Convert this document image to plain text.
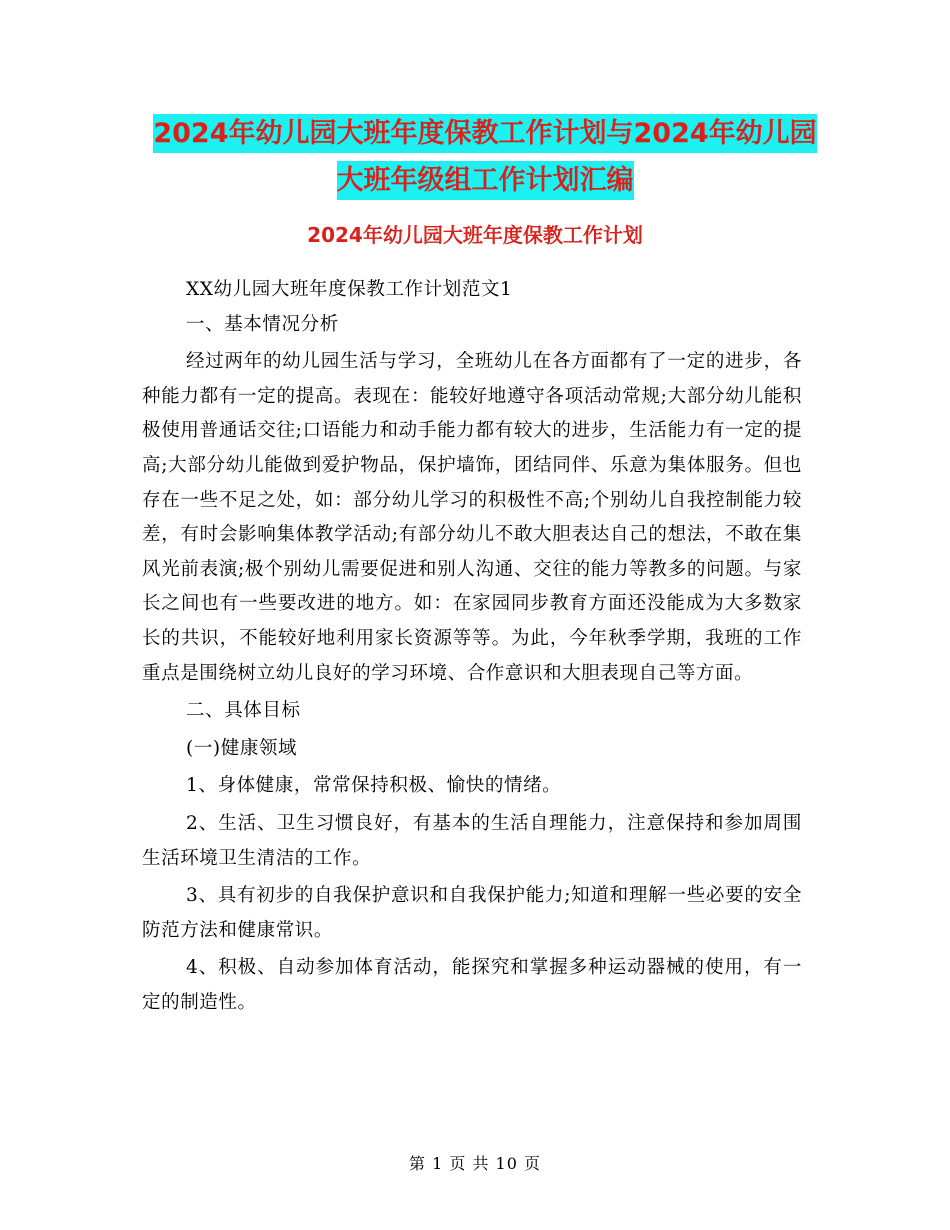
2024年幼儿园大班年度保教工作计划与2024年幼儿园大班年级组工作计划汇编
2024年幼儿园大班年度保教工作计划

XX幼儿园大班年度保教工作计划范文1

一、基本情况分析

经过两年的幼儿园生活与学习，全班幼儿在各方面都有了一定的进步，各种能力都有一定的提高。表现在：能较好地遵守各项活动常规;大部分幼儿能积极使用普通话交往;口语能力和动手能力都有较大的进步，生活能力有一定的提高;大部分幼儿能做到爱护物品，保护墙饰，团结同伴、乐意为集体服务。但也存在一些不足之处，如：部分幼儿学习的积极性不高;个别幼儿自我控制能力较差，有时会影响集体教学活动;有部分幼儿不敢大胆表达自己的想法，不敢在集风光前表演;极个别幼儿需要促进和别人沟通、交往的能力等教多的问题。与家长之间也有一些要改进的地方。如：在家园同步教育方面还没能成为大多数家长的共识，不能较好地利用家长资源等等。为此，今年秋季学期，我班的工作重点是围绕树立幼儿良好的学习环境、合作意识和大胆表现自己等方面。

二、具体目标

(一)健康领域

1、身体健康，常常保持积极、愉快的情绪。

2、生活、卫生习惯良好，有基本的生活自理能力，注意保持和参加周围生活环境卫生清洁的工作。

3、具有初步的自我保护意识和自我保护能力;知道和理解一些必要的安全防范方法和健康常识。

4、积极、自动参加体育活动，能探究和掌握多种运动器械的使用，有一定的制造性。

第 1 页 共 10 页
